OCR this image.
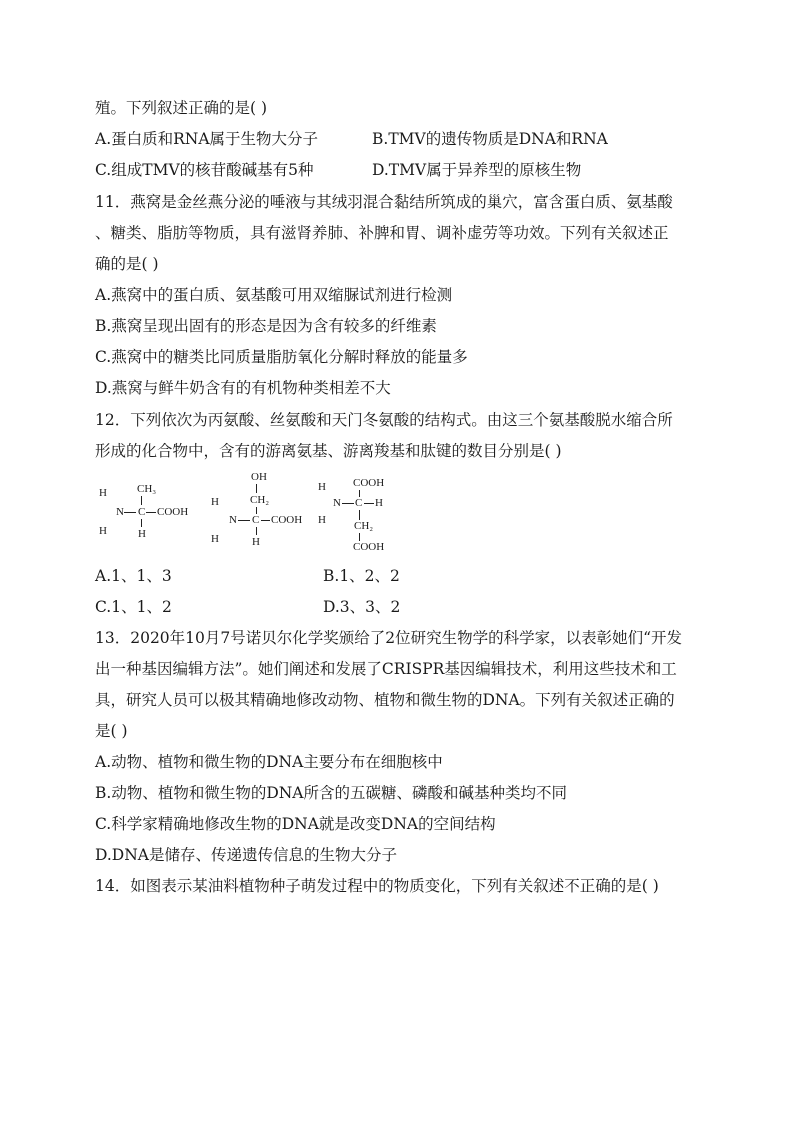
殖。下列叙述正确的是( )
A.蛋白质和RNA属于生物大分子	B.TMV的遗传物质是DNA和RNA
C.组成TMV的核苷酸碱基有5种	D.TMV属于异养型的原核生物
11．燕窝是金丝燕分泌的唾液与其绒羽混合黏结所筑成的巢穴，富含蛋白质、氨基酸
、糖类、脂肪等物质，具有滋肾养肺、补脾和胃、调补虚劳等功效。下列有关叙述正
确的是( )
A.燕窝中的蛋白质、氨基酸可用双缩脲试剂进行检测
B.燕窝呈现出固有的形态是因为含有较多的纤维素
C.燕窝中的糖类比同质量脂肪氧化分解时释放的能量多
D.燕窝与鲜牛奶含有的有机物种类相差不大
12．下列依次为丙氨酸、丝氨酸和天门冬氨酸的结构式。由这三个氨基酸脱水缩合所
形成的化合物中，含有的游离氨基、游离羧基和肽键的数目分别是( )
H
N
H
CH₃
C COOH
H
OH
CH₂
H
N
H
C COOH
H
COOH
H
N C H
H	CH₂
COOH
A.1、1、3	B.1、2、2
C.1、1、2	D.3、3、2
13．2020年10月7号诺贝尔化学奖颁给了2位研究生物学的科学家，以表彰她们“开发
出一种基因编辑方法”。她们阐述和发展了CRISPR基因编辑技术，利用这些技术和工
具，研究人员可以极其精确地修改动物、植物和微生物的DNA。下列有关叙述正确的
是( )
A.动物、植物和微生物的DNA主要分布在细胞核中
B.动物、植物和微生物的DNA所含的五碳糖、磷酸和碱基种类均不同
C.科学家精确地修改生物的DNA就是改变DNA的空间结构
D.DNA是储存、传递遗传信息的生物大分子
14．如图表示某油料植物种子萌发过程中的物质变化，下列有关叙述不正确的是( )
